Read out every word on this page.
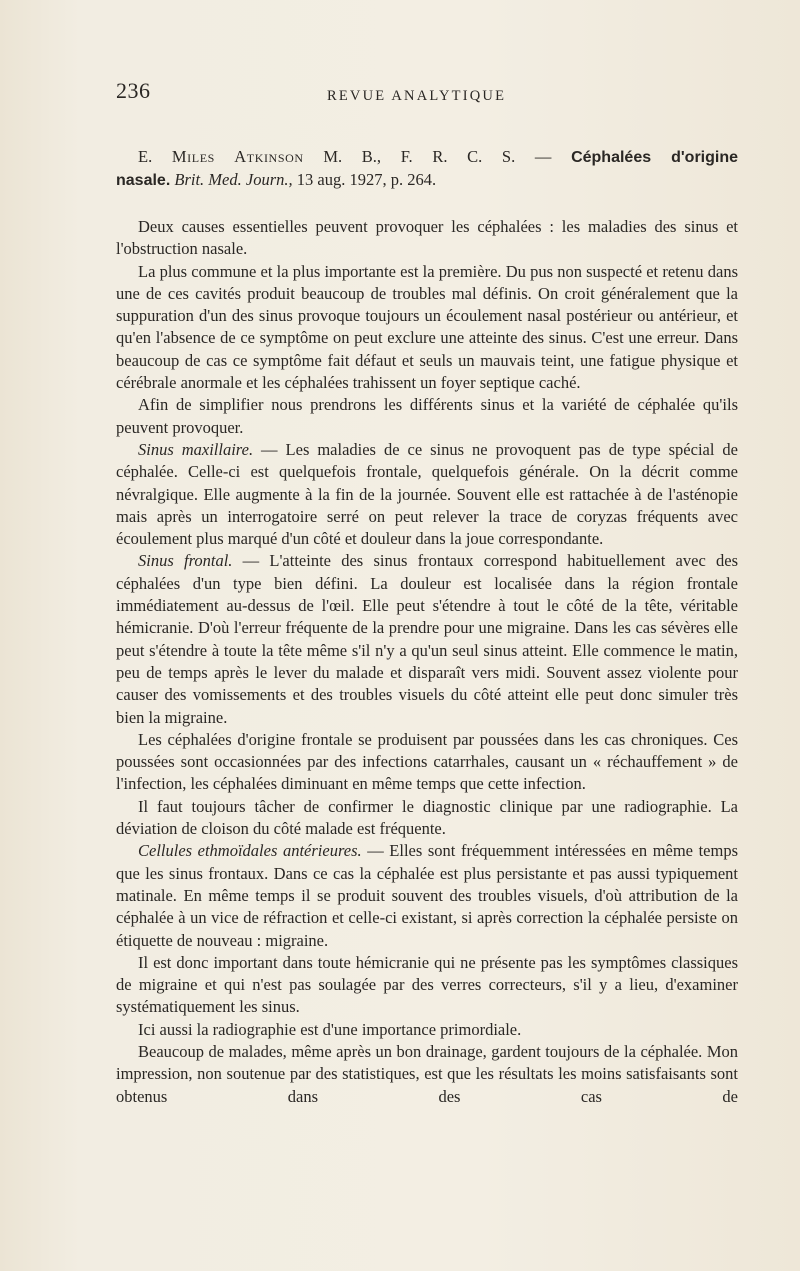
236	REVUE ANALYTIQUE

E. Miles Atkinson M. B., F. R. C. S. — Céphalées d'origine

nasale. Brit. Med. Journ., 13 aug. 1927, p. 264.

Deux causes essentielles peuvent provoquer les céphalées : les maladies des sinus et l'obstruction nasale.

La plus commune et la plus importante est la première. Du pus non suspecté et retenu dans une de ces cavités produit beaucoup de troubles mal définis. On croit généralement que la suppuration d'un des sinus provoque toujours un écoulement nasal postérieur ou antérieur, et qu'en l'absence de ce symptôme on peut exclure une atteinte des sinus. C'est une erreur. Dans beaucoup de cas ce symptôme fait défaut et seuls un mauvais teint, une fatigue physique et cérébrale anormale et les céphalées trahissent un foyer septique caché.

Afin de simplifier nous prendrons les différents sinus et la variété de céphalée qu'ils peuvent provoquer.

Sinus maxillaire. — Les maladies de ce sinus ne provoquent pas de type spécial de céphalée. Celle-ci est quelquefois frontale, quelquefois générale. On la décrit comme névralgique. Elle augmente à la fin de la journée. Souvent elle est rattachée à de l'asténopie mais après un interrogatoire serré on peut relever la trace de coryzas fréquents avec écoulement plus marqué d'un côté et douleur dans la joue correspondante.

Sinus frontal. — L'atteinte des sinus frontaux correspond habituellement avec des céphalées d'un type bien défini. La douleur est localisée dans la région frontale immédiatement au-dessus de l'œil. Elle peut s'étendre à tout le côté de la tête, véritable hémicranie. D'où l'erreur fréquente de la prendre pour une migraine. Dans les cas sévères elle peut s'étendre à toute la tête même s'il n'y a qu'un seul sinus atteint. Elle commence le matin, peu de temps après le lever du malade et disparaît vers midi. Souvent assez violente pour causer des vomissements et des troubles visuels du côté atteint elle peut donc simuler très bien la migraine.

Les céphalées d'origine frontale se produisent par poussées dans les cas chroniques. Ces poussées sont occasionnées par des infections catarrhales, causant un « réchauffement » de l'infection, les céphalées diminuant en même temps que cette infection.

Il faut toujours tâcher de confirmer le diagnostic clinique par une radiographie. La déviation de cloison du côté malade est fréquente.

Cellules ethmoïdales antérieures. — Elles sont fréquemment intéressées en même temps que les sinus frontaux. Dans ce cas la céphalée est plus persistante et pas aussi typiquement matinale. En même temps il se produit souvent des troubles visuels, d'où attribution de la céphalée à un vice de réfraction et celle-ci existant, si après correction la céphalée persiste on étiquette de nouveau : migraine.

Il est donc important dans toute hémicranie qui ne présente pas les symptômes classiques de migraine et qui n'est pas soulagée par des verres correcteurs, s'il y a lieu, d'examiner systématiquement les sinus.

Ici aussi la radiographie est d'une importance primordiale.

Beaucoup de malades, même après un bon drainage, gardent toujours de la céphalée. Mon impression, non soutenue par des statistiques, est que les résultats les moins satisfaisants sont obtenus dans des cas de
